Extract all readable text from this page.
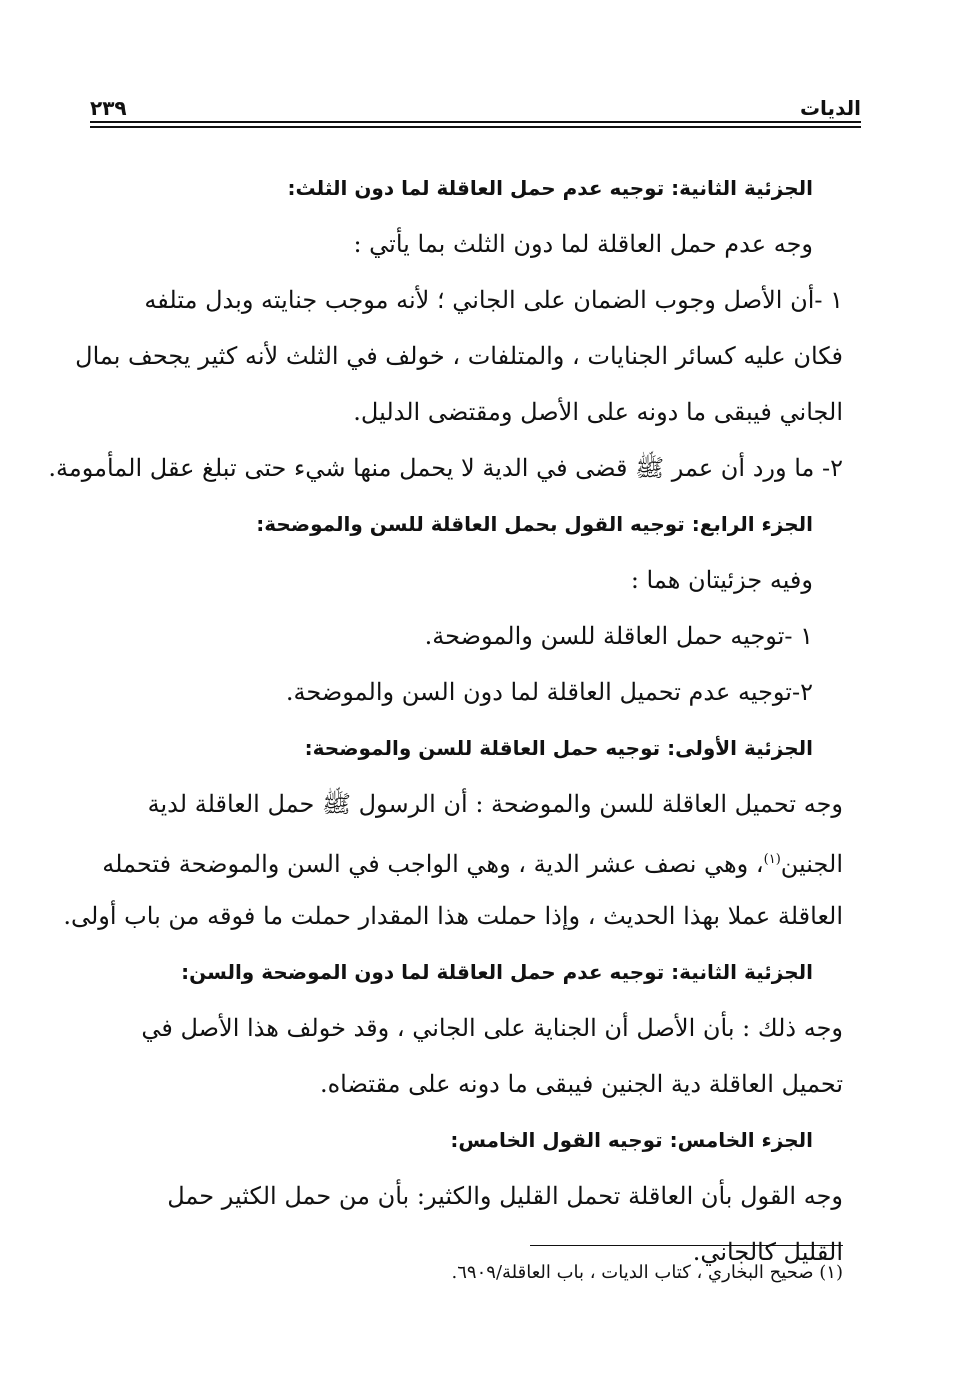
الديات
٢٣٩
الجزئية الثانية: توجيه عدم حمل العاقلة لما دون الثلث:
وجه عدم حمل العاقلة لما دون الثلث بما يأتي :
١ -أن الأصل وجوب الضمان على الجاني ؛ لأنه موجب جنايته وبدل متلفه
فكان عليه كسائر الجنايات ، والمتلفات ، خولف في الثلث لأنه كثير يجحف بمال
الجاني فيبقى ما دونه على الأصل ومقتضى الدليل.
٢- ما ورد أن عمر ﷺ قضى في الدية لا يحمل منها شيء حتى تبلغ عقل المأمومة.
الجزء الرابع: توجيه القول بحمل العاقلة للسن والموضحة:
وفيه جزئيتان هما :
١ -توجيه حمل العاقلة للسن والموضحة.
٢-توجيه عدم تحميل العاقلة لما دون السن والموضحة.
الجزئية الأولى: توجيه حمل العاقلة للسن والموضحة:
وجه تحميل العاقلة للسن والموضحة : أن الرسول ﷺ حمل العاقلة لدية
الجنين$^{(١)}$، وهي نصف عشر الدية ، وهي الواجب في السن والموضحة فتحمله
العاقلة عملا بهذا الحديث ، وإذا حملت هذا المقدار حملت ما فوقه من باب أولى.
الجزئية الثانية: توجيه عدم حمل العاقلة لما دون الموضحة والسن:
وجه ذلك : بأن الأصل أن الجناية على الجاني ، وقد خولف هذا الأصل في
تحميل العاقلة دية الجنين فيبقى ما دونه على مقتضاه.
الجزء الخامس: توجيه القول الخامس:
وجه القول بأن العاقلة تحمل القليل والكثير: بأن من حمل الكثير حمل
القليل كالجاني.
(١) صحيح البخاري ، كتاب الديات ، باب العاقلة/٦٩٠٩.
